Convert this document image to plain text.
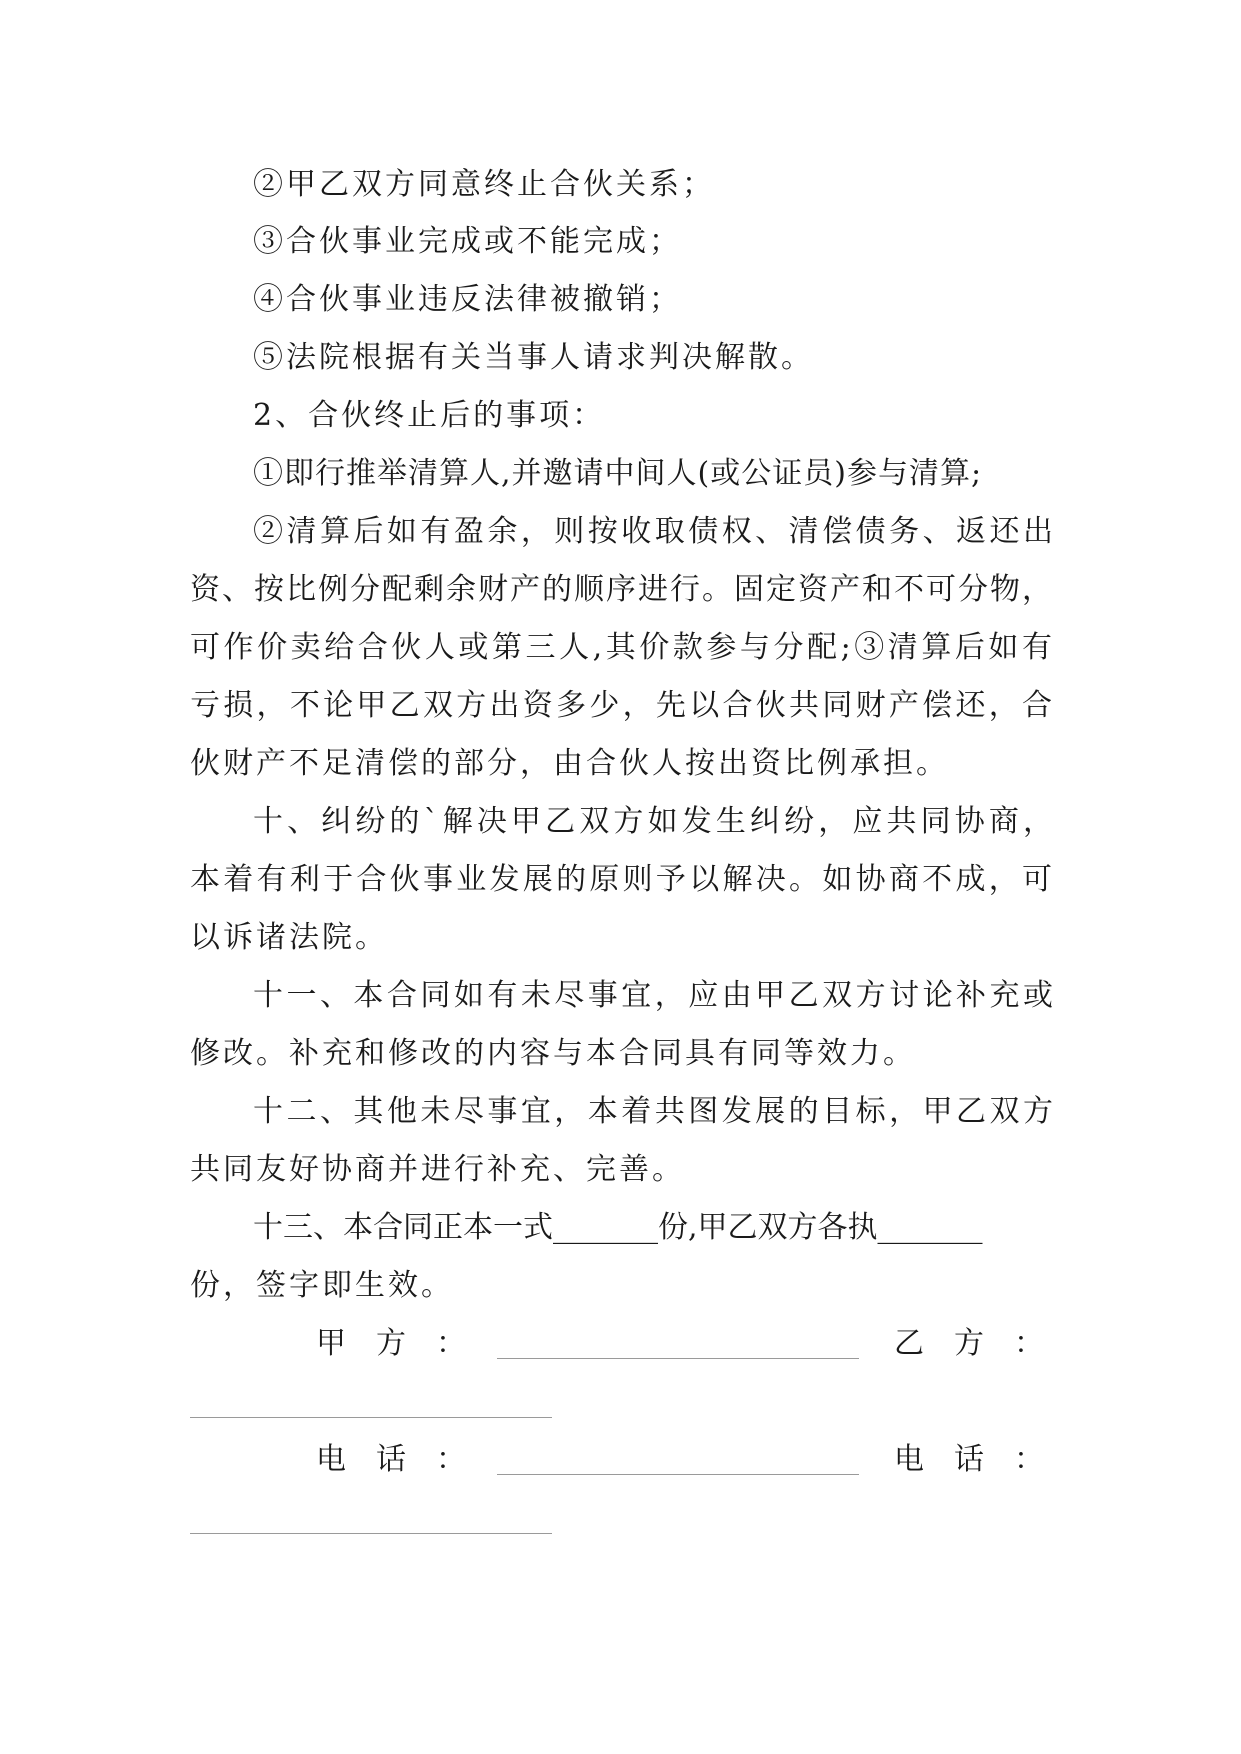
②甲乙双方同意终止合伙关系；
③合伙事业完成或不能完成；
④合伙事业违反法律被撤销；
⑤法院根据有关当事人请求判决解散。
2、合伙终止后的事项：
①即行推举清算人,并邀请中间人(或公证员)参与清算;
②清算后如有盈余，则按收取债权、清偿债务、返还出
资、按比例分配剩余财产的顺序进行。固定资产和不可分物，
可作价卖给合伙人或第三人,其价款参与分配;③清算后如有
亏损，不论甲乙双方出资多少，先以合伙共同财产偿还，合
伙财产不足清偿的部分，由合伙人按出资比例承担。
十、纠纷的`解决甲乙双方如发生纠纷，应共同协商，
本着有利于合伙事业发展的原则予以解决。如协商不成，可
以诉诸法院。
十一、本合同如有未尽事宜，应由甲乙双方讨论补充或
修改。补充和修改的内容与本合同具有同等效力。
十二、其他未尽事宜，本着共图发展的目标，甲乙双方
共同友好协商并进行补充、完善。
十三、本合同正本一式_______份,甲乙双方各执_______
份，签字即生效。
甲 方 ：	乙 方 ：
电 话 ：	电 话 ：
